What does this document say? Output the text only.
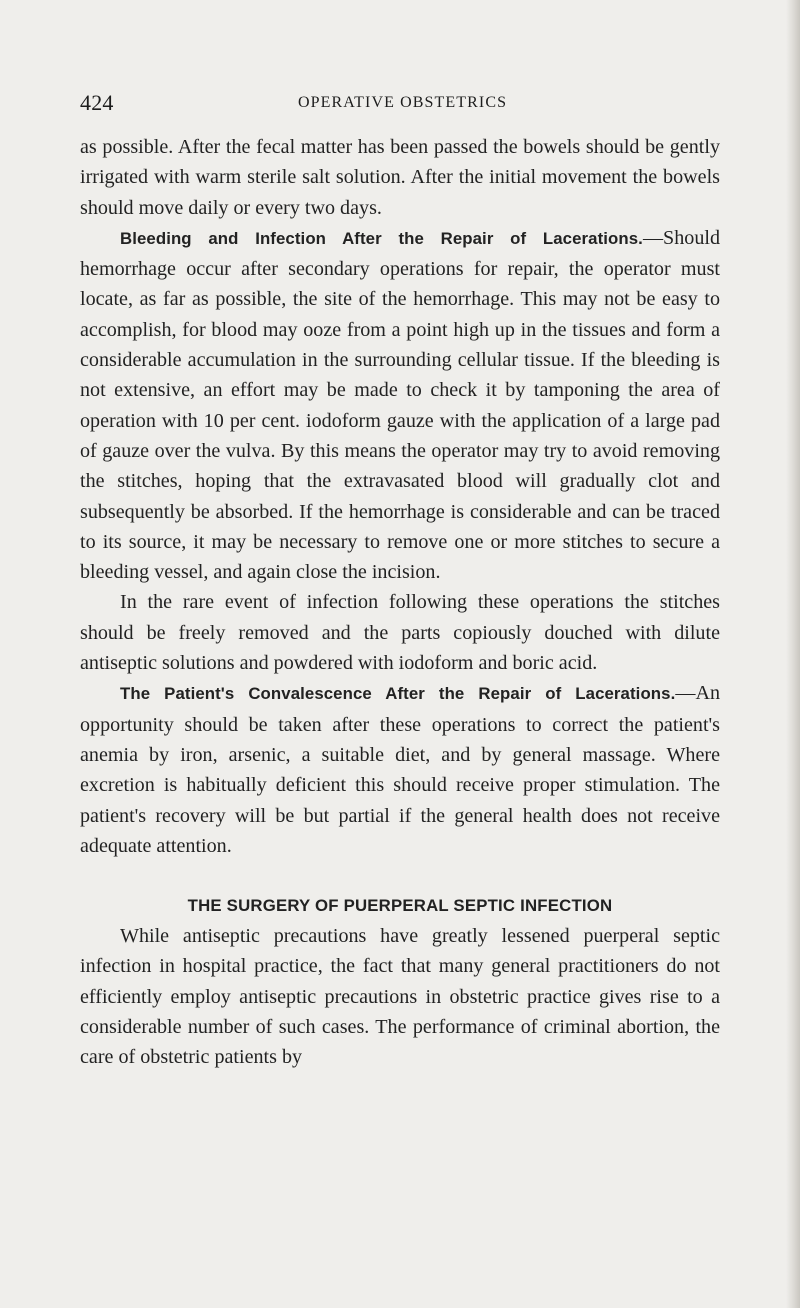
424	OPERATIVE OBSTETRICS

as possible. After the fecal matter has been passed the bowels should be gently irrigated with warm sterile salt solution. After the initial movement the bowels should move daily or every two days.

Bleeding and Infection After the Repair of Lacerations.—Should hemorrhage occur after secondary operations for repair, the operator must locate, as far as possible, the site of the hemorrhage. This may not be easy to accomplish, for blood may ooze from a point high up in the tissues and form a considerable accumulation in the surrounding cellular tissue. If the bleeding is not extensive, an effort may be made to check it by tamponing the area of operation with 10 per cent. iodoform gauze with the application of a large pad of gauze over the vulva. By this means the operator may try to avoid removing the stitches, hoping that the extravasated blood will gradually clot and subsequently be absorbed. If the hemorrhage is considerable and can be traced to its source, it may be necessary to remove one or more stitches to secure a bleeding vessel, and again close the incision.

In the rare event of infection following these operations the stitches should be freely removed and the parts copiously douched with dilute antiseptic solutions and powdered with iodoform and boric acid.

The Patient's Convalescence After the Repair of Lacerations.—An opportunity should be taken after these operations to correct the patient's anemia by iron, arsenic, a suitable diet, and by general massage. Where excretion is habitually deficient this should receive proper stimulation. The patient's recovery will be but partial if the general health does not receive adequate attention.

THE SURGERY OF PUERPERAL SEPTIC INFECTION

While antiseptic precautions have greatly lessened puerperal septic infection in hospital practice, the fact that many general practitioners do not efficiently employ antiseptic precautions in obstetric practice gives rise to a considerable number of such cases. The performance of criminal abortion, the care of obstetric patients by
